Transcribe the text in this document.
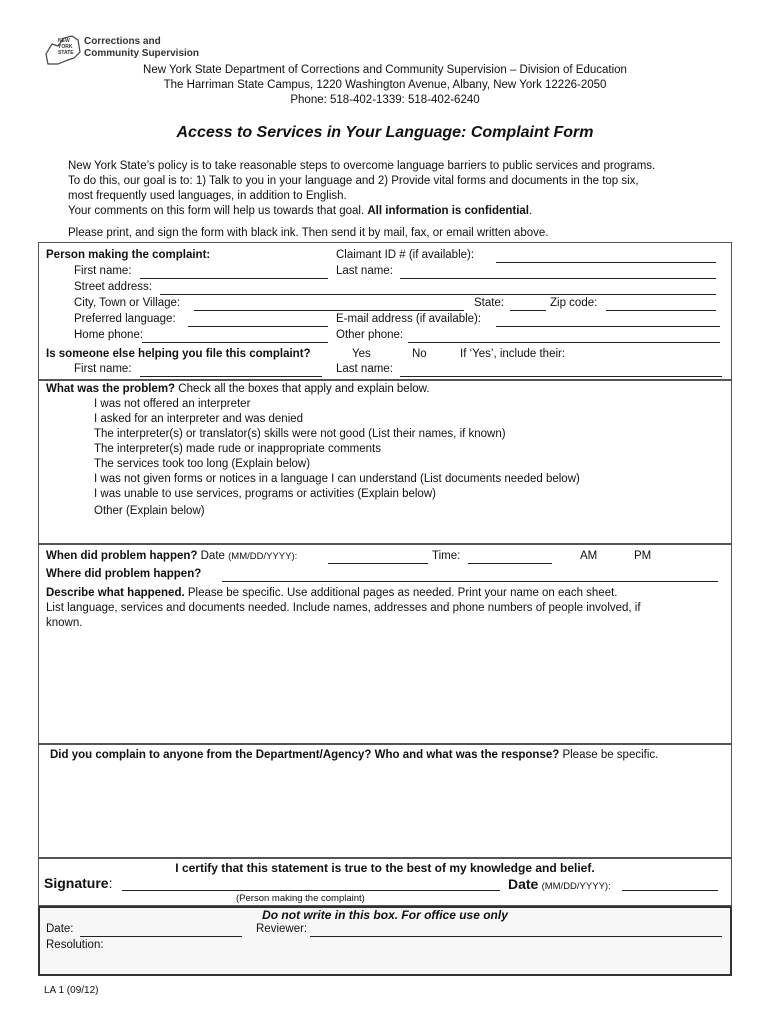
NEW
YORK
STATE
Corrections and
Community Supervision
New York State Department of Corrections and Community Supervision – Division of Education
The Harriman State Campus, 1220 Washington Avenue, Albany, New York 12226-2050
Phone: 518-402-1339: 518-402-6240
Access to Services in Your Language: Complaint Form
New York State’s policy is to take reasonable steps to overcome language barriers to public services and programs.
To do this, our goal is to: 1) Talk to you in your language and 2) Provide vital forms and documents in the top six,
most frequently used languages, in addition to English.
Your comments on this form will help us towards that goal. All information is confidential.
Please print, and sign the form with black ink. Then send it by mail, fax, or email written above.
Person making the complaint:	Claimant ID # (if available):
First name:	Last name:
Street address:
City, Town or Village:	State:	Zip code:
Preferred language:	E-mail address (if available):
Home phone:	Other phone:
Is someone else helping you file this complaint?	Yes	No	If ‘Yes’, include their:
First name:	Last name:
What was the problem? Check all the boxes that apply and explain below.
I was not offered an interpreter
I asked for an interpreter and was denied
The interpreter(s) or translator(s) skills were not good (List their names, if known)
The interpreter(s) made rude or inappropriate comments
The services took too long (Explain below)
I was not given forms or notices in a language I can understand (List documents needed below)
I was unable to use services, programs or activities (Explain below)
Other (Explain below)
When did problem happen? Date (MM/DD/YYYY):	Time:	AM	PM
Where did problem happen?
Describe what happened. Please be specific. Use additional pages as needed. Print your name on each sheet.
List language, services and documents needed. Include names, addresses and phone numbers of people involved, if
known.
Did you complain to anyone from the Department/Agency? Who and what was the response? Please be specific.
I certify that this statement is true to the best of my knowledge and belief.
Signature:	Date (MM/DD/YYYY):
(Person making the complaint)
Do not write in this box. For office use only
Date:	Reviewer:
Resolution:
LA 1 (09/12)
